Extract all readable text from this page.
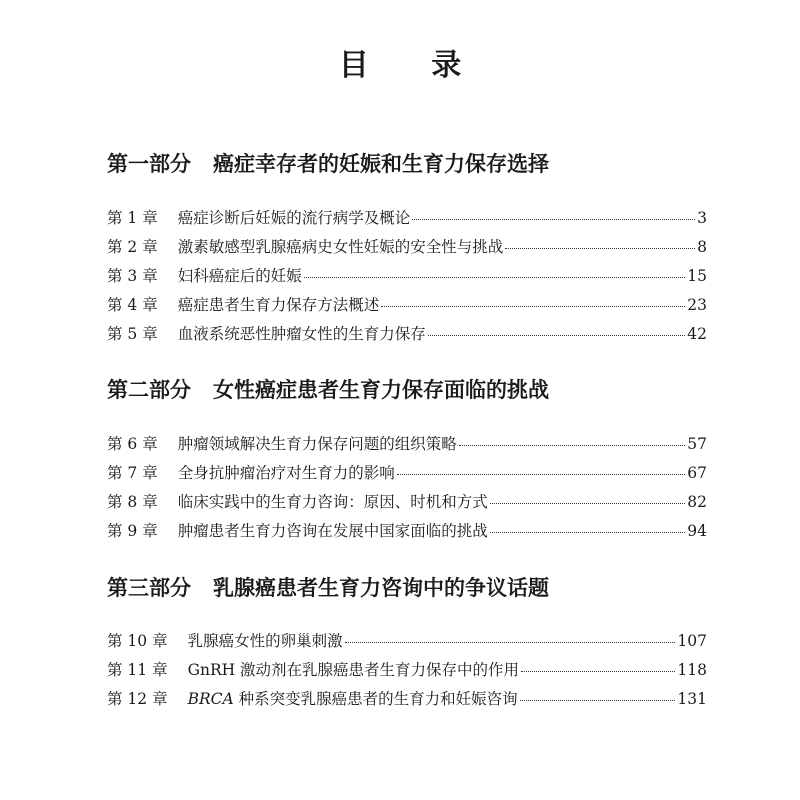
目 录
第一部分 癌症幸存者的妊娠和生育力保存选择
第 1 章 癌症诊断后妊娠的流行病学及概论	3
第 2 章 激素敏感型乳腺癌病史女性妊娠的安全性与挑战	8
第 3 章 妇科癌症后的妊娠	15
第 4 章 癌症患者生育力保存方法概述	23
第 5 章 血液系统恶性肿瘤女性的生育力保存	42
第二部分 女性癌症患者生育力保存面临的挑战
第 6 章 肿瘤领域解决生育力保存问题的组织策略	57
第 7 章 全身抗肿瘤治疗对生育力的影响	67
第 8 章 临床实践中的生育力咨询：原因、时机和方式	82
第 9 章 肿瘤患者生育力咨询在发展中国家面临的挑战	94
第三部分 乳腺癌患者生育力咨询中的争议话题
第 10 章 乳腺癌女性的卵巢刺激	107
第 11 章 GnRH 激动剂在乳腺癌患者生育力保存中的作用	118
第 12 章 BRCA 种系突变乳腺癌患者的生育力和妊娠咨询	131
